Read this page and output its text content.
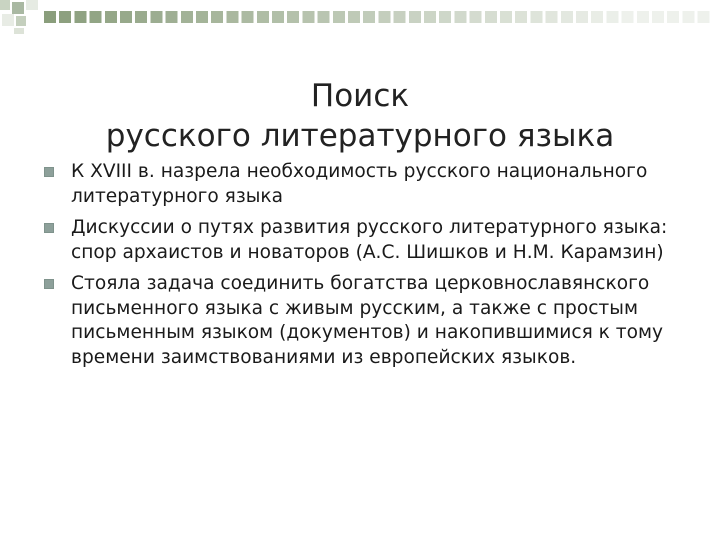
Поиск
русского литературного языка
К XVIII в. назрела необходимость русского национального литературного языка
Дискуссии о путях развития русского литературного языка: спор архаистов и новаторов (А.С. Шишков и Н.М. Карамзин)
Стояла задача соединить богатства церковнославянского письменного языка с живым русским, а также с простым письменным языком (документов) и накопившимися к тому времени заимствованиями из европейских языков.
